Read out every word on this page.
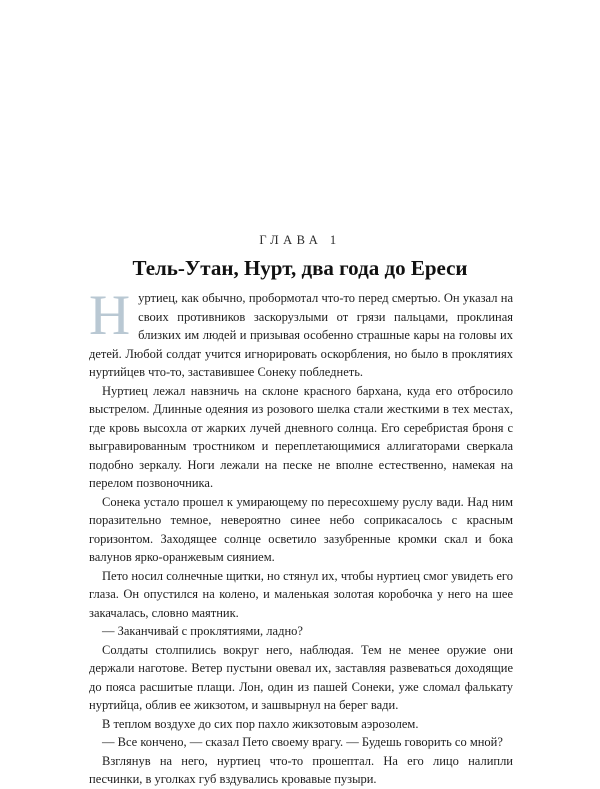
ГЛАВА 1
Тель-Утан, Нурт, два года до Ереси

Нуртиец, как обычно, пробормотал что-то перед смертью. Он указал на своих противников заскорузлыми от грязи пальцами, проклиная близких им людей и призывая особенно страшные кары на головы их детей. Любой солдат учится игнорировать оскорбления, но было в проклятиях нуртийцев что-то, заставившее Сонеку побледнеть.

Нуртиец лежал навзничь на склоне красного бархана, куда его отбросило выстрелом. Длинные одеяния из розового шелка стали жесткими в тех местах, где кровь высохла от жарких лучей дневного солнца. Его серебристая броня с выгравированным тростником и переплетающимися аллигаторами сверкала подобно зеркалу. Ноги лежали на песке не вполне естественно, намекая на перелом позвоночника.

Сонека устало прошел к умирающему по пересохшему руслу вади. Над ним поразительно темное, невероятно синее небо соприкасалось с красным горизонтом. Заходящее солнце осветило зазубренные кромки скал и бока валунов ярко-оранжевым сиянием.

Пето носил солнечные щитки, но стянул их, чтобы нуртиец смог увидеть его глаза. Он опустился на колено, и маленькая золотая коробочка у него на шее закачалась, словно маятник.

— Заканчивай с проклятиями, ладно?

Солдаты столпились вокруг него, наблюдая. Тем не менее оружие они держали наготове. Ветер пустыни овевал их, заставляя развеваться доходящие до пояса расшитые плащи. Лон, один из пашей Сонеки, уже сломал фалькату нуртийца, облив ее жикзотом, и зашвырнул на берег вади.

В теплом воздухе до сих пор пахло жикзотовым аэрозолем.

— Все кончено, — сказал Пето своему врагу. — Будешь говорить со мной?

Взглянув на него, нуртиец что-то прошептал. На его лицо налипли песчинки, в уголках губ вздувались кровавые пузыри.
